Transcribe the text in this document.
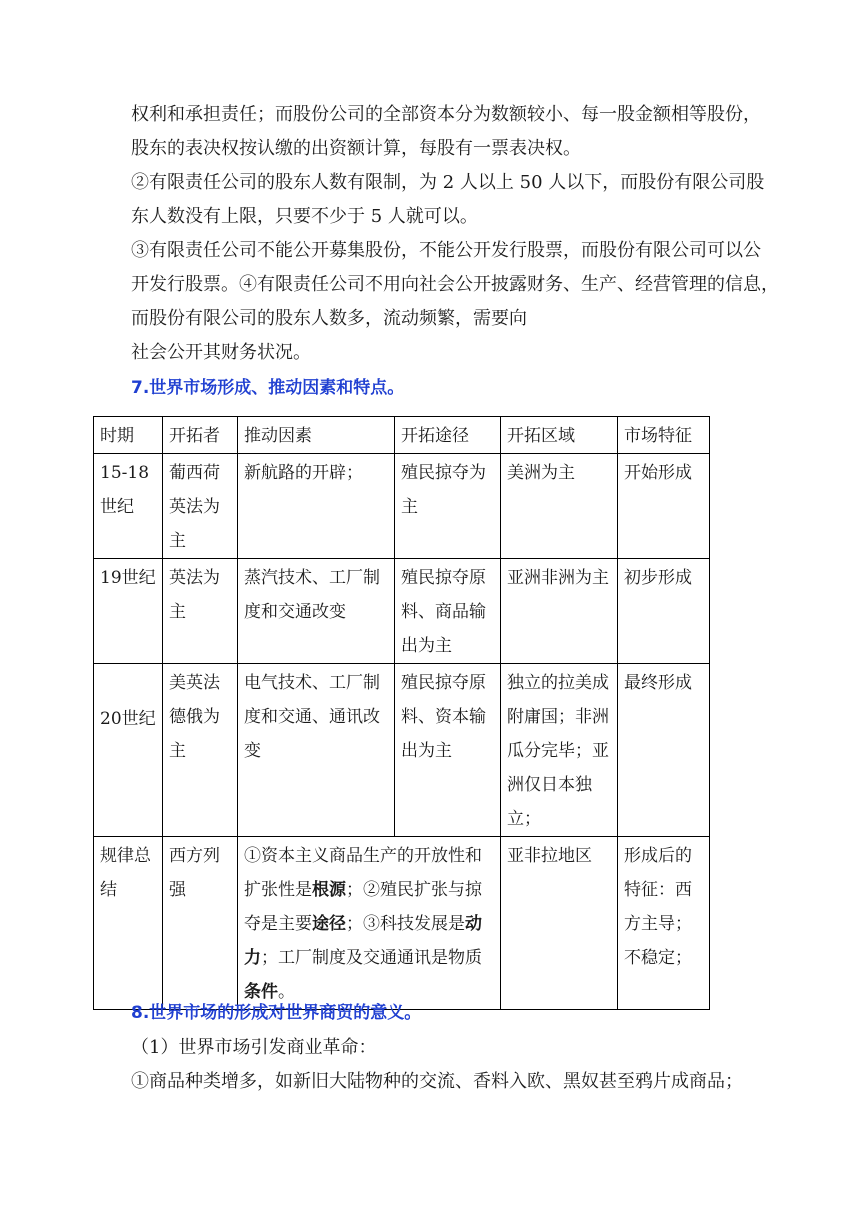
权利和承担责任；而股份公司的全部资本分为数额较小、每一股金额相等股份，
股东的表决权按认缴的出资额计算，每股有一票表决权。
②有限责任公司的股东人数有限制，为 2 人以上 50 人以下，而股份有限公司股
东人数没有上限，只要不少于 5 人就可以。
③有限责任公司不能公开募集股份，不能公开发行股票，而股份有限公司可以公
开发行股票。④有限责任公司不用向社会公开披露财务、生产、经营管理的信息，
而股份有限公司的股东人数多，流动频繁，需要向
社会公开其财务状况。
7.世界市场形成、推动因素和特点。
时期	开拓者	推动因素	开拓途径	开拓区域	市场特征
15-18世纪	葡西荷英法为主	新航路的开辟；	殖民掠夺为主	美洲为主	开始形成
19世纪	英法为主	蒸汽技术、工厂制度和交通改变	殖民掠夺原料、商品输出为主	亚洲非洲为主	初步形成
20世纪	美英法德俄为主	电气技术、工厂制度和交通、通讯改变	殖民掠夺原料、资本输出为主	独立的拉美成附庸国；非洲瓜分完毕；亚洲仅日本独立；	最终形成
规律总结	西方列强	①资本主义商品生产的开放性和扩张性是根源；②殖民扩张与掠夺是主要途径；③科技发展是动力；工厂制度及交通通讯是物质条件。		亚非拉地区	形成后的特征：西方主导；不稳定；
8.世界市场的形成对世界商贸的意义。
（1）世界市场引发商业革命：
①商品种类增多，如新旧大陆物种的交流、香料入欧、黑奴甚至鸦片成商品；
